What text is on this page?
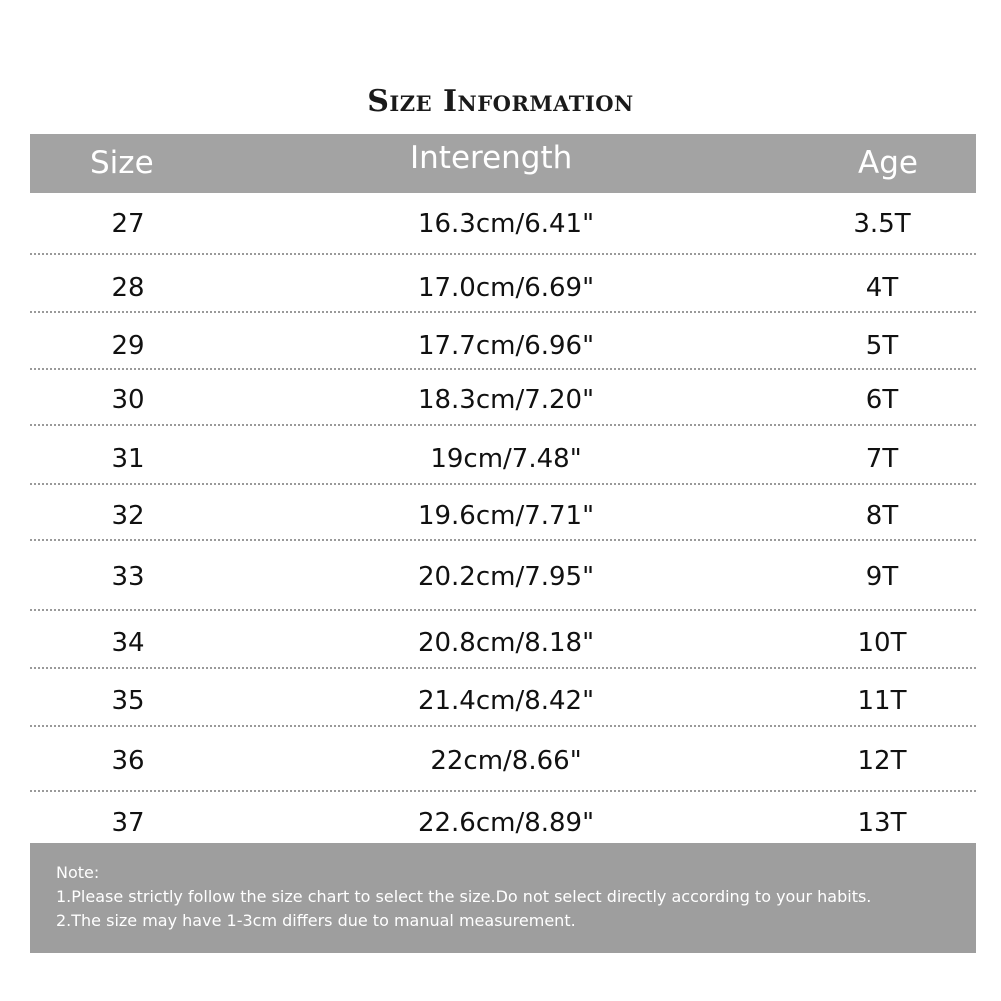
Size Information
Size	Interength	Age
27	16.3cm/6.41"	3.5T
28	17.0cm/6.69"	4T
29	17.7cm/6.96"	5T
30	18.3cm/7.20"	6T
31	19cm/7.48"	7T
32	19.6cm/7.71"	8T
33	20.2cm/7.95"	9T
34	20.8cm/8.18"	10T
35	21.4cm/8.42"	11T
36	22cm/8.66"	12T
37	22.6cm/8.89"	13T
Note:
1.Please strictly follow the size chart to select the size.Do not select directly according to your habits.
2.The size may have 1-3cm differs due to manual measurement.
